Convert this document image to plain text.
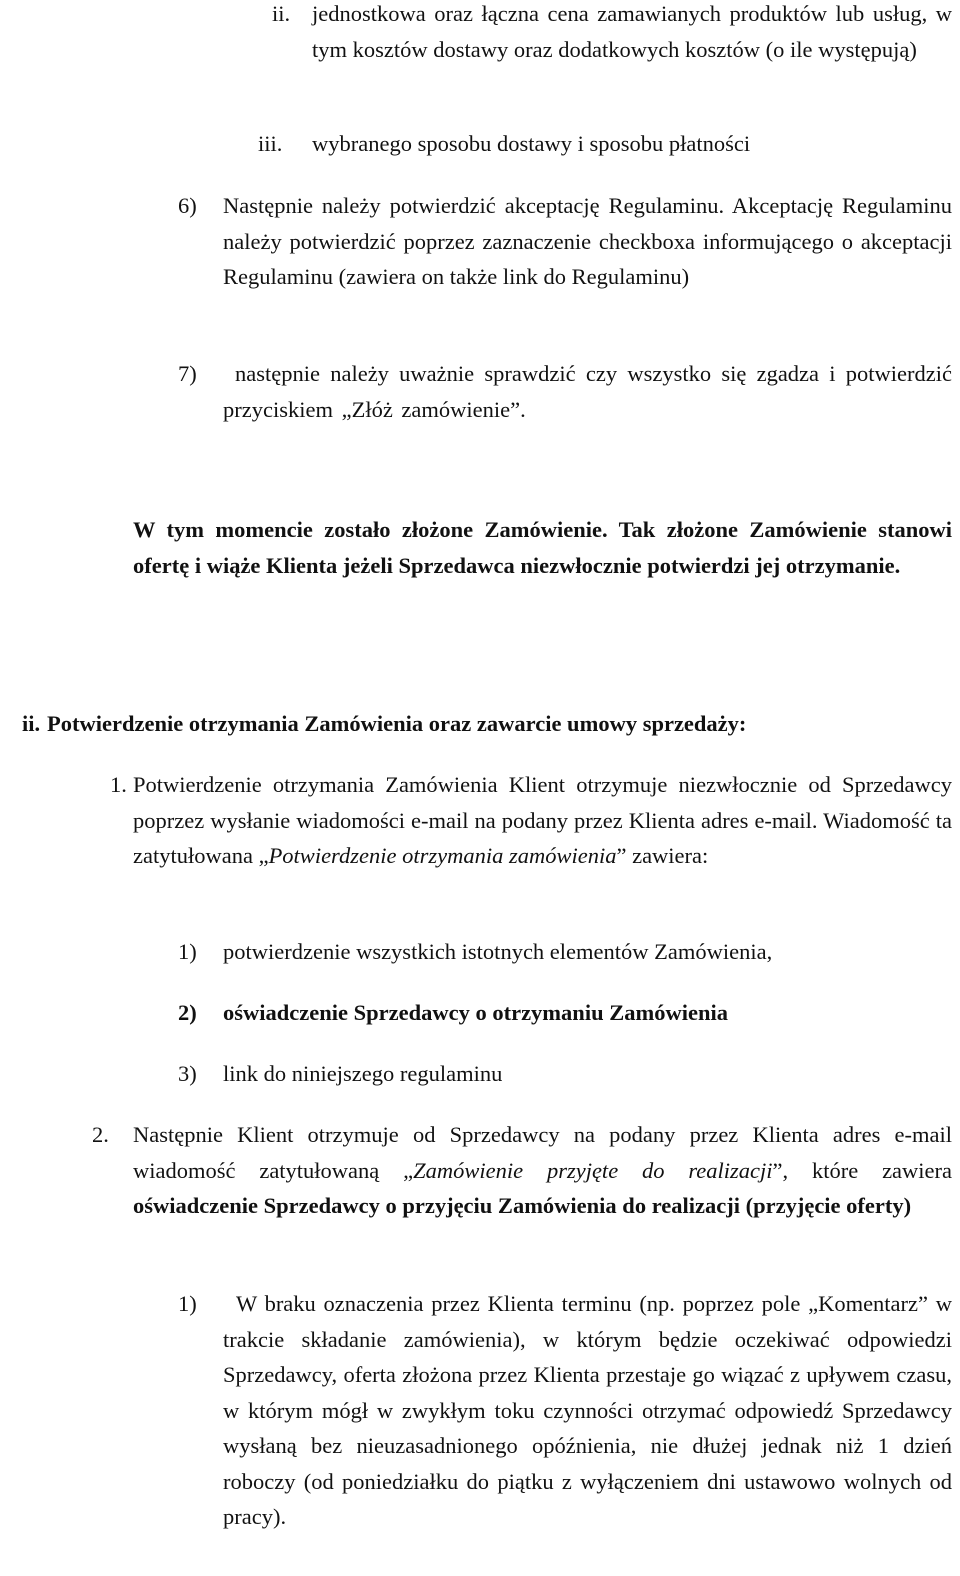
ii. jednostkowa oraz łączna cena zamawianych produktów lub usług, w tym kosztów dostawy oraz dodatkowych kosztów (o ile występują)

iii. wybranego sposobu dostawy i sposobu płatności

6) Następnie należy potwierdzić akceptację Regulaminu. Akceptację Regulaminu należy potwierdzić poprzez zaznaczenie checkboxa informującego o akceptacji Regulaminu (zawiera on także link do Regulaminu)

7)	następnie należy uważnie sprawdzić czy wszystko się zgadza i potwierdzić przyciskiem „Złóż zamówienie”.

W tym momencie zostało złożone Zamówienie. Tak złożone Zamówienie stanowi ofertę i wiąże Klienta jeżeli Sprzedawca niezwłocznie potwierdzi jej otrzymanie.

ii. Potwierdzenie otrzymania Zamówienia oraz zawarcie umowy sprzedaży:
1. Potwierdzenie otrzymania Zamówienia Klient otrzymuje niezwłocznie od Sprzedawcy poprzez wysłanie wiadomości e-mail na podany przez Klienta adres e-mail. Wiadomość ta zatytułowana „Potwierdzenie otrzymania zamówienia” zawiera:

1) potwierdzenie wszystkich istotnych elementów Zamówienia,

2) oświadczenie Sprzedawcy o otrzymaniu Zamówienia

3) link do niniejszego regulaminu

2. Następnie Klient otrzymuje od Sprzedawcy na podany przez Klienta adres e-mail wiadomość zatytułowaną „Zamówienie przyjęte do realizacji”, które zawiera oświadczenie Sprzedawcy o przyjęciu Zamówienia do realizacji (przyjęcie oferty)

1)	W braku oznaczenia przez Klienta terminu (np. poprzez pole „Komentarz” w trakcie składanie zamówienia), w którym będzie oczekiwać odpowiedzi Sprzedawcy, oferta złożona przez Klienta przestaje go wiązać z upływem czasu, w którym mógł w zwykłym toku czynności otrzymać odpowiedź Sprzedawcy wysłaną bez nieuzasadnionego opóźnienia, nie dłużej jednak niż 1 dzień roboczy (od poniedziałku do piątku z wyłączeniem dni ustawowo wolnych od pracy).
